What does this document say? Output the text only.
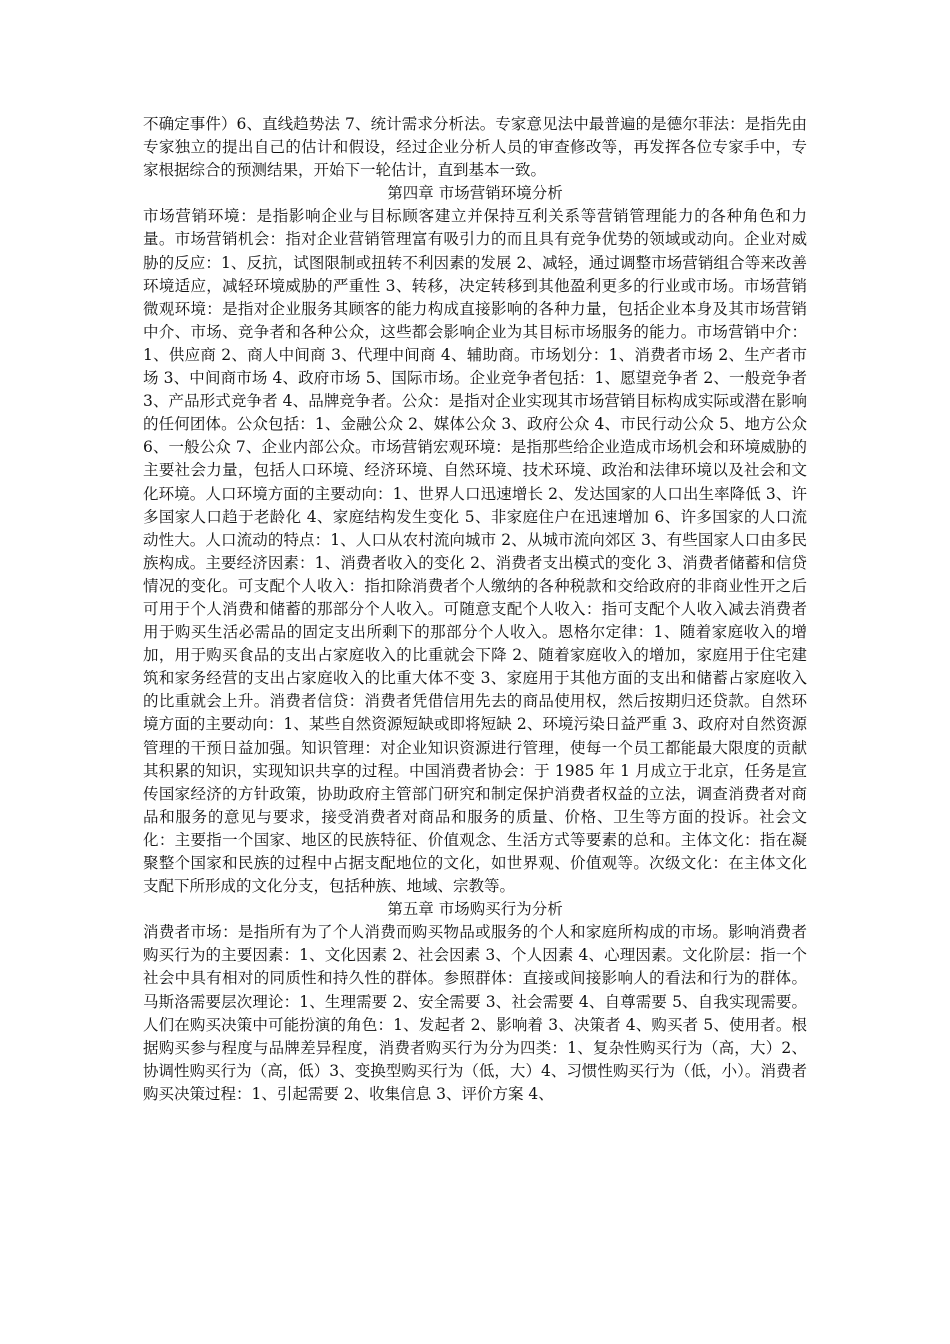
不确定事件）6、直线趋势法 7、统计需求分析法。专家意见法中最普遍的是德尔菲法：是指先由专家独立的提出自己的估计和假设，经过企业分析人员的审查修改等，再发挥各位专家手中，专家根据综合的预测结果，开始下一轮估计，直到基本一致。

第四章 市场营销环境分析

市场营销环境：是指影响企业与目标顾客建立并保持互利关系等营销管理能力的各种角色和力量。市场营销机会：指对企业营销管理富有吸引力的而且具有竞争优势的领域或动向。企业对威胁的反应：1、反抗，试图限制或扭转不利因素的发展 2、减轻，通过调整市场营销组合等来改善环境适应，减轻环境威胁的严重性 3、转移，决定转移到其他盈利更多的行业或市场。市场营销微观环境：是指对企业服务其顾客的能力构成直接影响的各种力量，包括企业本身及其市场营销中介、市场、竞争者和各种公众，这些都会影响企业为其目标市场服务的能力。市场营销中介：1、供应商 2、商人中间商 3、代理中间商 4、辅助商。市场划分：1、消费者市场 2、生产者市场 3、中间商市场 4、政府市场 5、国际市场。企业竞争者包括：1、愿望竞争者 2、一般竞争者 3、产品形式竞争者 4、品牌竞争者。公众：是指对企业实现其市场营销目标构成实际或潜在影响的任何团体。公众包括：1、金融公众 2、媒体公众 3、政府公众 4、市民行动公众 5、地方公众 6、一般公众 7、企业内部公众。市场营销宏观环境：是指那些给企业造成市场机会和环境威胁的主要社会力量，包括人口环境、经济环境、自然环境、技术环境、政治和法律环境以及社会和文化环境。人口环境方面的主要动向：1、世界人口迅速增长 2、发达国家的人口出生率降低 3、许多国家人口趋于老龄化 4、家庭结构发生变化 5、非家庭住户在迅速增加 6、许多国家的人口流动性大。人口流动的特点：1、人口从农村流向城市 2、从城市流向郊区 3、有些国家人口由多民族构成。主要经济因素：1、消费者收入的变化 2、消费者支出模式的变化 3、消费者储蓄和信贷情况的变化。可支配个人收入：指扣除消费者个人缴纳的各种税款和交给政府的非商业性开之后可用于个人消费和储蓄的那部分个人收入。可随意支配个人收入：指可支配个人收入减去消费者用于购买生活必需品的固定支出所剩下的那部分个人收入。恩格尔定律：1、随着家庭收入的增加，用于购买食品的支出占家庭收入的比重就会下降 2、随着家庭收入的增加，家庭用于住宅建筑和家务经营的支出占家庭收入的比重大体不变 3、家庭用于其他方面的支出和储蓄占家庭收入的比重就会上升。消费者信贷：消费者凭借信用先去的商品使用权，然后按期归还贷款。自然环境方面的主要动向：1、某些自然资源短缺或即将短缺 2、环境污染日益严重 3、政府对自然资源管理的干预日益加强。知识管理：对企业知识资源进行管理，使每一个员工都能最大限度的贡献其积累的知识，实现知识共享的过程。中国消费者协会：于 1985 年 1 月成立于北京，任务是宣传国家经济的方针政策，协助政府主管部门研究和制定保护消费者权益的立法，调查消费者对商品和服务的意见与要求，接受消费者对商品和服务的质量、价格、卫生等方面的投诉。社会文化：主要指一个国家、地区的民族特征、价值观念、生活方式等要素的总和。主体文化：指在凝聚整个国家和民族的过程中占据支配地位的文化，如世界观、价值观等。次级文化：在主体文化支配下所形成的文化分支，包括种族、地域、宗教等。

第五章 市场购买行为分析

消费者市场：是指所有为了个人消费而购买物品或服务的个人和家庭所构成的市场。影响消费者购买行为的主要因素：1、文化因素 2、社会因素 3、个人因素 4、心理因素。文化阶层：指一个社会中具有相对的同质性和持久性的群体。参照群体：直接或间接影响人的看法和行为的群体。马斯洛需要层次理论：1、生理需要 2、安全需要 3、社会需要 4、自尊需要 5、自我实现需要。人们在购买决策中可能扮演的角色：1、发起者 2、影响着 3、决策者 4、购买者 5、使用者。根据购买参与程度与品牌差异程度，消费者购买行为分为四类：1、复杂性购买行为（高，大）2、协调性购买行为（高，低）3、变换型购买行为（低，大）4、习惯性购买行为（低，小）。消费者购买决策过程：1、引起需要 2、收集信息 3、评价方案 4、
